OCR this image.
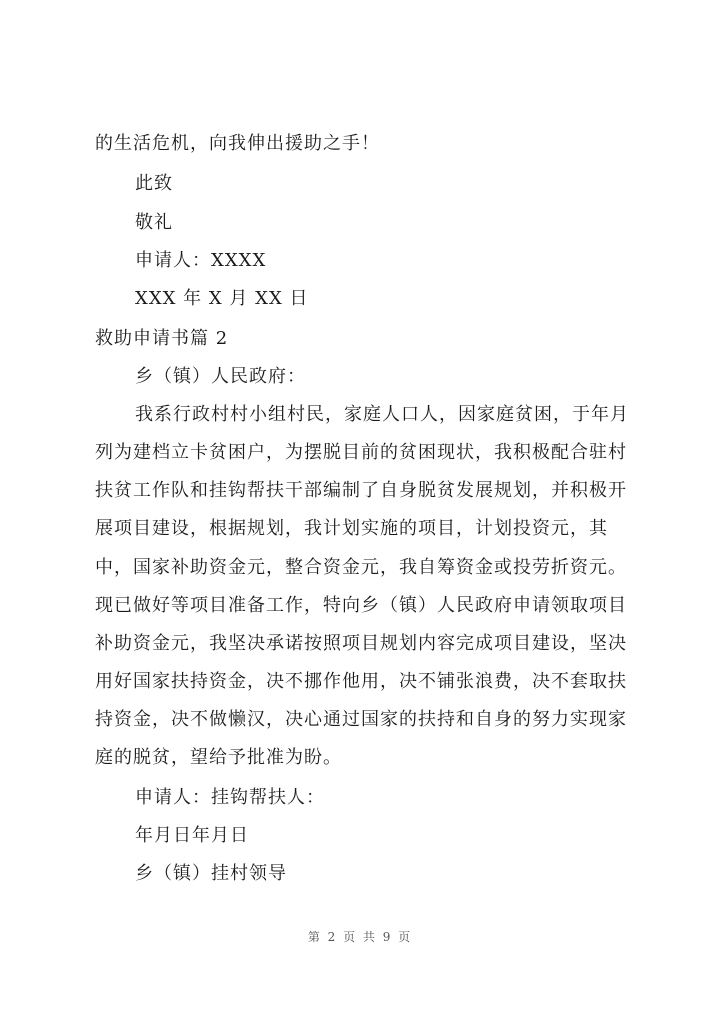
的生活危机，向我伸出援助之手！
此致
敬礼
申请人：XXXX
XXX 年 X 月 XX 日
救助申请书篇 2
乡（镇）人民政府：
我系行政村村小组村民，家庭人口人，因家庭贫困，于年月
列为建档立卡贫困户，为摆脱目前的贫困现状，我积极配合驻村
扶贫工作队和挂钩帮扶干部编制了自身脱贫发展规划，并积极开
展项目建设，根据规划，我计划实施的项目，计划投资元，其
中，国家补助资金元，整合资金元，我自筹资金或投劳折资元。
现已做好等项目准备工作，特向乡（镇）人民政府申请领取项目
补助资金元，我坚决承诺按照项目规划内容完成项目建设，坚决
用好国家扶持资金，决不挪作他用，决不铺张浪费，决不套取扶
持资金，决不做懒汉，决心通过国家的扶持和自身的努力实现家
庭的脱贫，望给予批准为盼。
申请人：挂钩帮扶人：
年月日年月日
乡（镇）挂村领导
第 2 页 共 9 页
